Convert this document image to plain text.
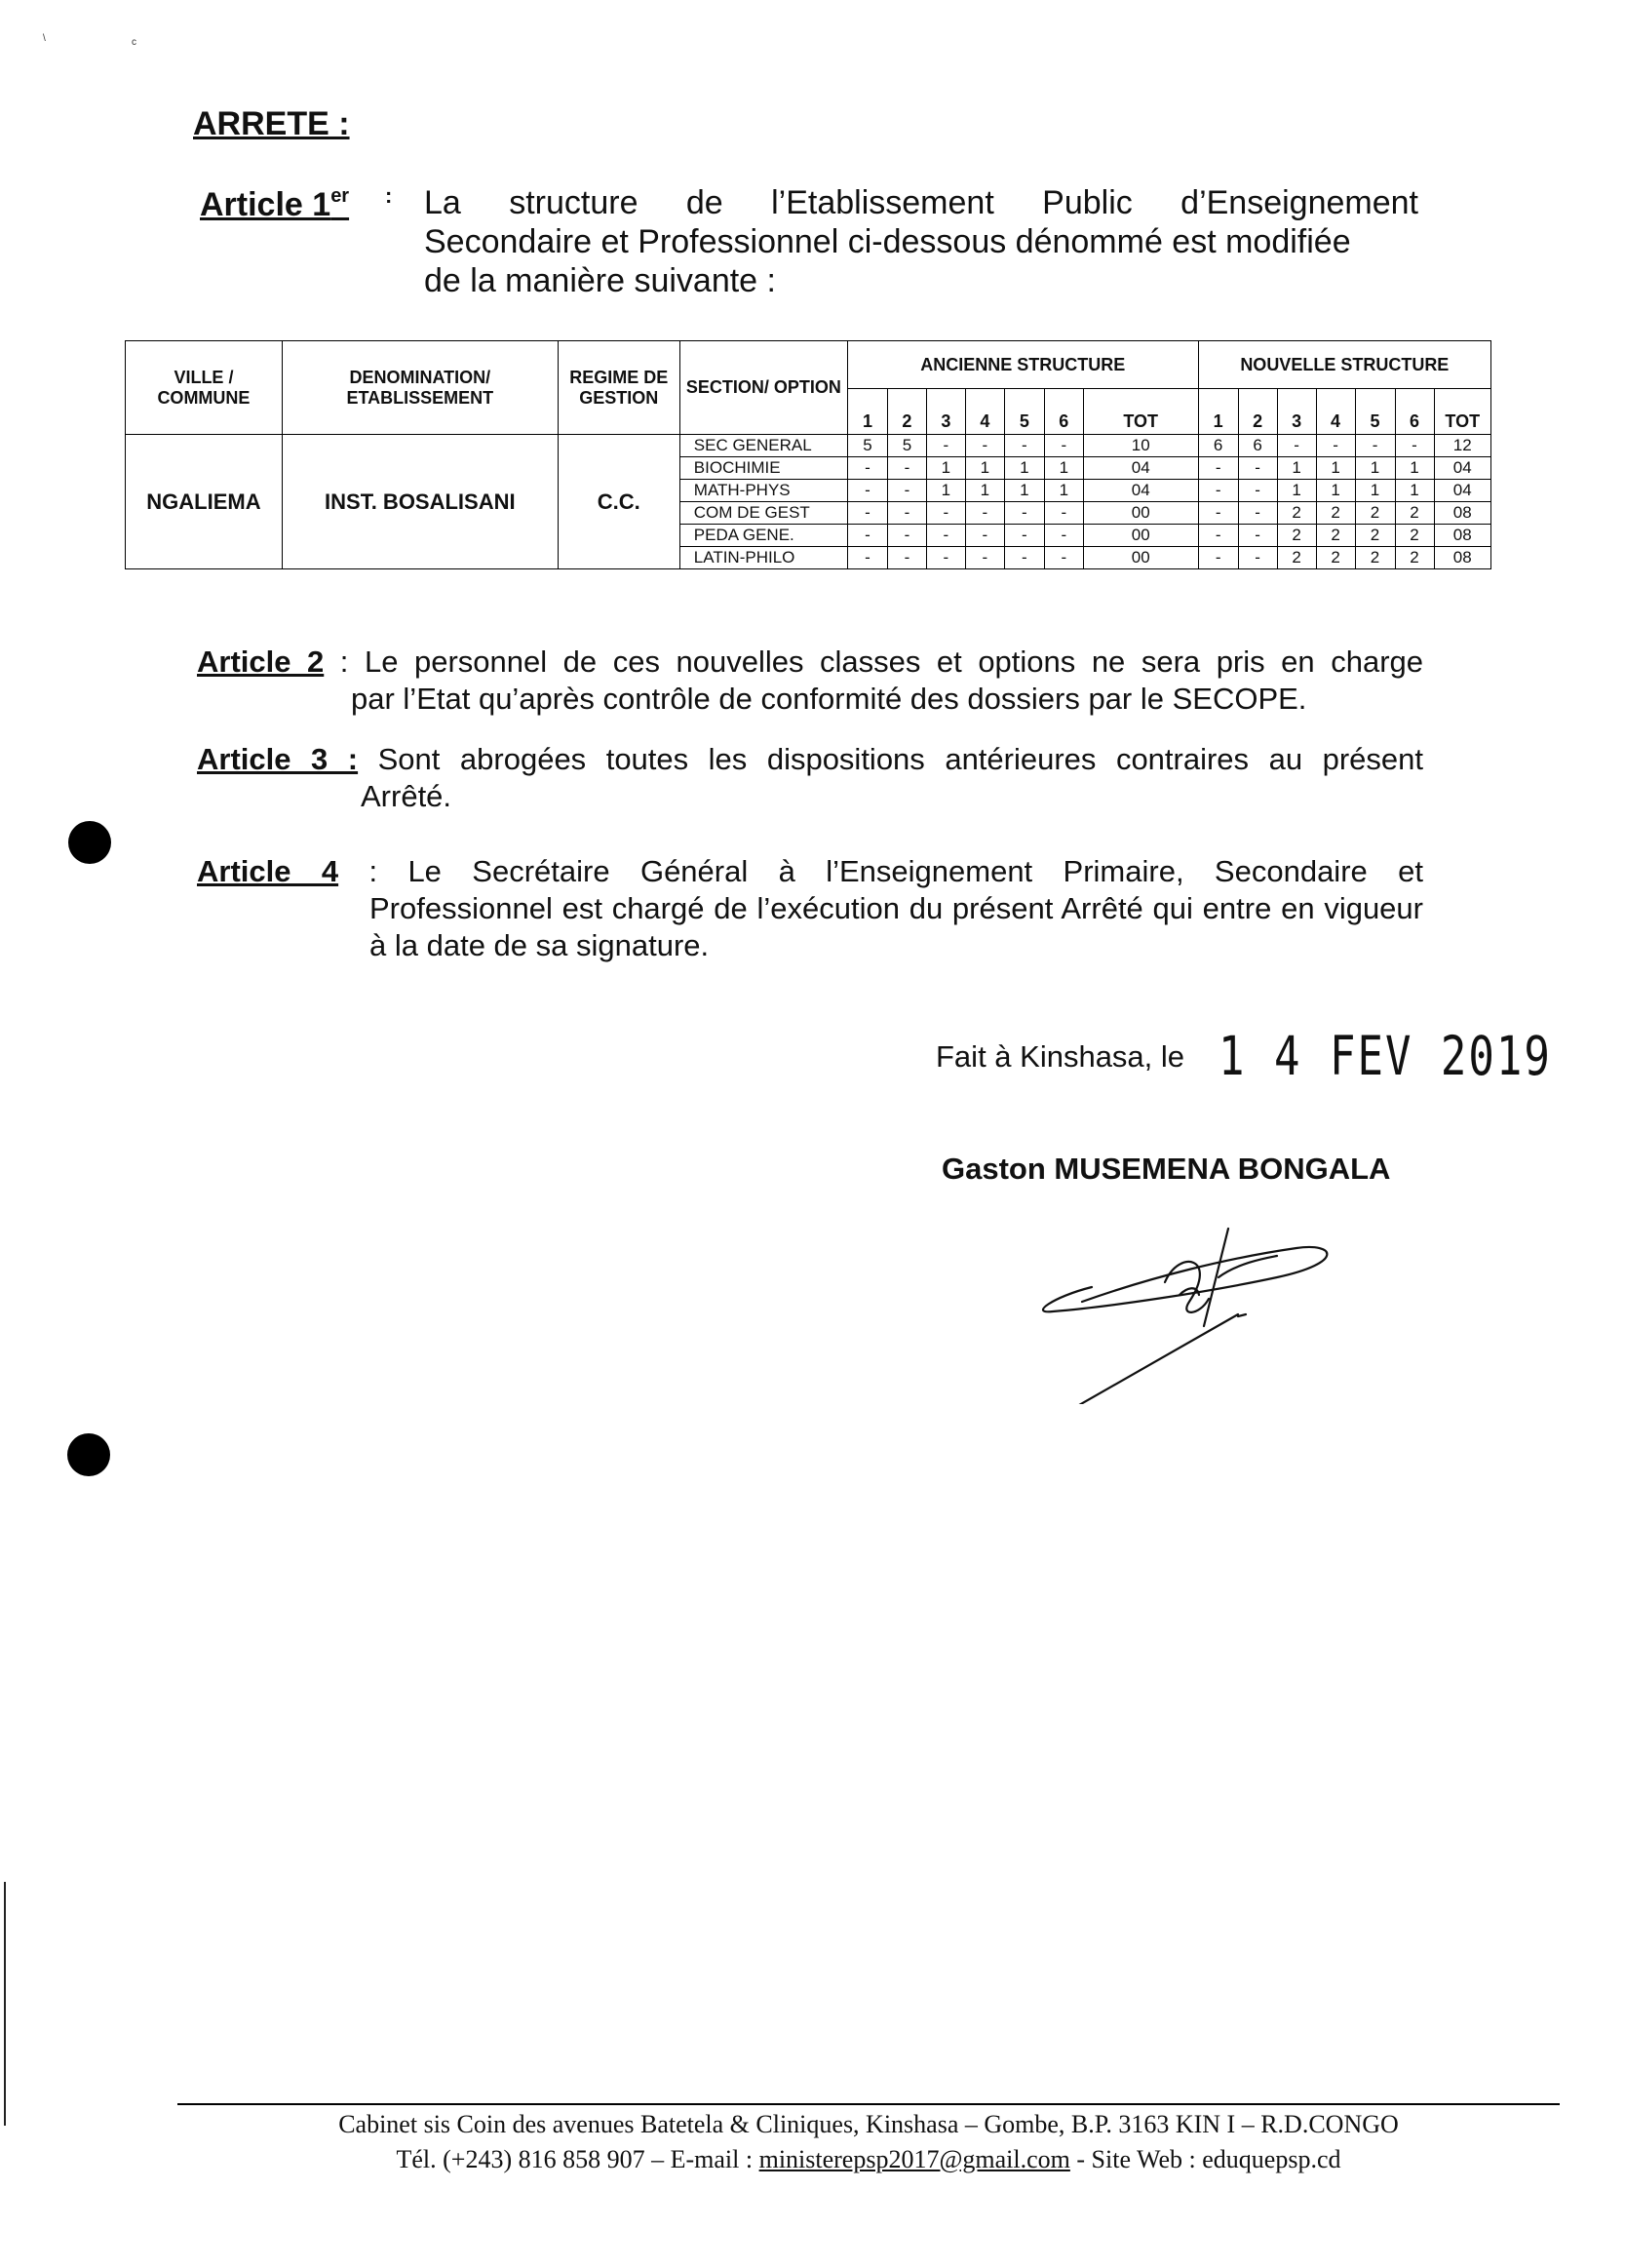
\	c
ARRETE :
Article 1er : La structure de l’Etablissement Public d’Enseignement
Secondaire et Professionnel ci-dessous dénommé est modifiée
de la manière suivante :
VILLE / COMMUNE	DENOMINATION/ ETABLISSEMENT	REGIME DE GESTION	SECTION/ OPTION	ANCIENNE STRUCTURE							NOUVELLE STRUCTURE						
				1	2	3	4	5	6	TOT	1	2	3	4	5	6	TOT
NGALIEMA	INST. BOSALISANI	C.C.	SEC GENERAL	5	5	-	-	-	-	10	6	6	-	-	-	-	12
			BIOCHIMIE	-	-	1	1	1	1	04	-	-	1	1	1	1	04
			MATH-PHYS	-	-	1	1	1	1	04	-	-	1	1	1	1	04
			COM DE GEST	-	-	-	-	-	-	00	-	-	2	2	2	2	08
			PEDA GENE.	-	-	-	-	-	-	00	-	-	2	2	2	2	08
			LATIN-PHILO	-	-	-	-	-	-	00	-	-	2	2	2	2	08
Article 2 : Le personnel de ces nouvelles classes et options ne sera pris en charge
par l’Etat qu’après contrôle de conformité des dossiers par le SECOPE.
Article 3 : Sont abrogées toutes les dispositions antérieures contraires au présent
Arrêté.
Article 4 : Le Secrétaire Général à l’Enseignement Primaire, Secondaire et
Professionnel est chargé de l’exécution du présent Arrêté qui entre en vigueur à la date de sa signature.
Fait à Kinshasa, le 1 4 FEV 2019
Gaston MUSEMENA BONGALA
Cabinet sis Coin des avenues Batetela & Cliniques, Kinshasa – Gombe, B.P. 3163 KIN I – R.D.CONGO
Tél. (+243) 816 858 907 – E-mail : ministerepsp2017@gmail.com - Site Web : eduquepsp.cd
